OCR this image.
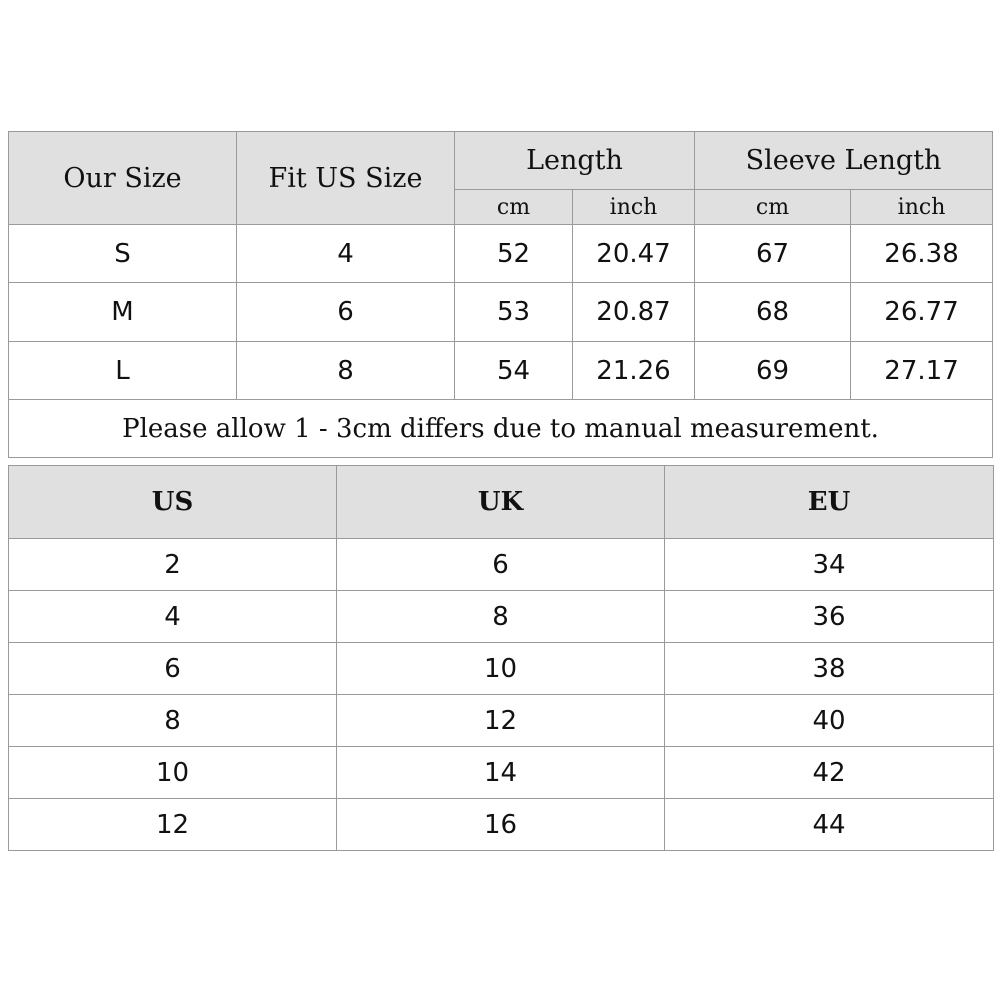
Our Size	Fit US Size	Length		Sleeve Length	
		cm	inch	cm	inch
S	4	52	20.47	67	26.38
M	6	53	20.87	68	26.77
L	8	54	21.26	69	27.17
Please allow 1 - 3cm differs due to manual measurement.					
US	UK	EU
2	6	34
4	8	36
6	10	38
8	12	40
10	14	42
12	16	44
